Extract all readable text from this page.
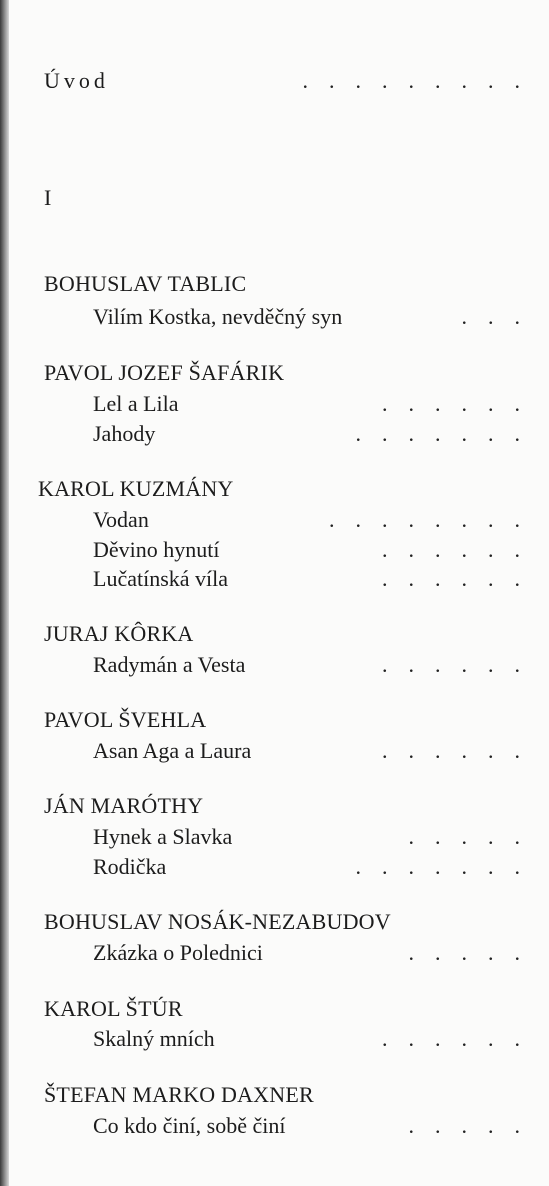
Úvod	.........
I
BOHUSLAV TABLIC
Vilím Kostka, nevděčný syn	...
PAVOL JOZEF ŠAFÁRIK
Lel a Lila	......
Jahody	.......
KAROL KUZMÁNY
Vodan	........
Děvino hynutí	......
Lučatínská víla	......
JURAJ KÔRKA
Radymán a Vesta	......
PAVOL ŠVEHLA
Asan Aga a Laura	......
JÁN MARÓTHY
Hynek a Slavka	.....
Rodička	.......
BOHUSLAV NOSÁK-NEZABUDOV
Zkázka o Polednici	.....
KAROL ŠTÚR
Skalný mních	......
ŠTEFAN MARKO DAXNER
Co kdo činí, sobě činí	.....
